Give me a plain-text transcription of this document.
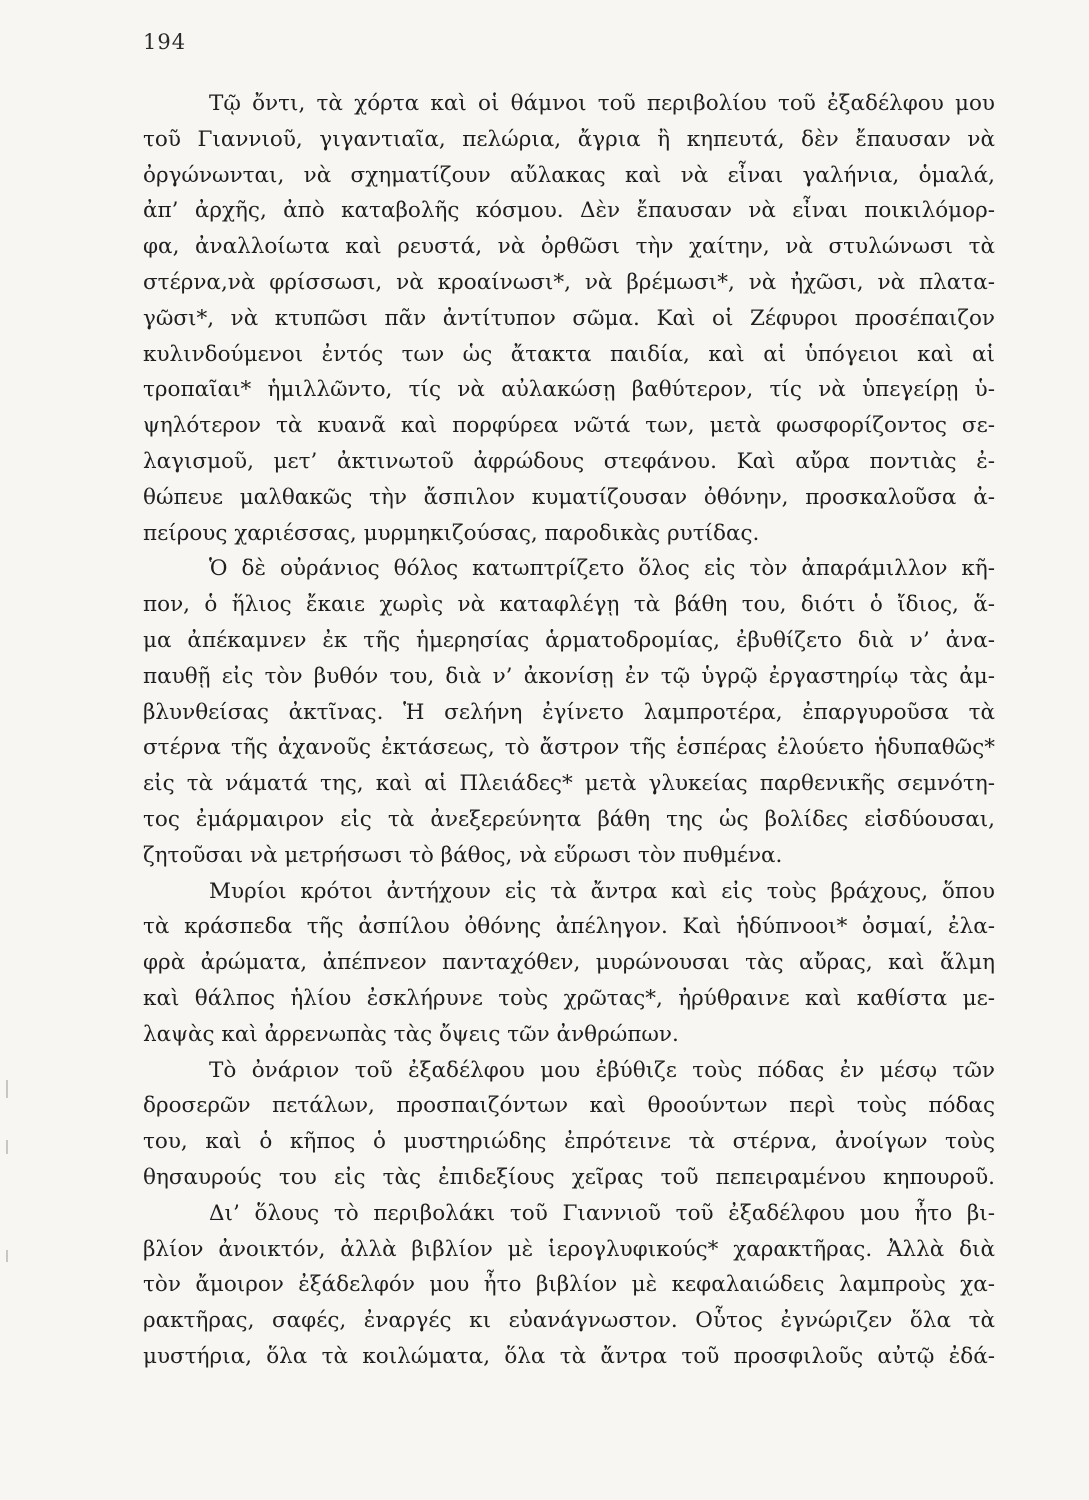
194
Τῷ ὄντι, τὰ χόρτα καὶ οἱ θάμνοι τοῦ περιβολίου τοῦ ἐξαδέλφου μου
τοῦ Γιαννιοῦ, γιγαντιαῖα, πελώρια, ἄγρια ἢ κηπευτά, δὲν ἔπαυσαν νὰ
ὀργώνωνται, νὰ σχηματίζουν αὔλακας καὶ νὰ εἶναι γαλήνια, ὁμαλά,
ἀπ’ ἀρχῆς, ἀπὸ καταβολῆς κόσμου. Δὲν ἔπαυσαν νὰ εἶναι ποικιλόμορ-
φα, ἀναλλοίωτα καὶ ρευστά, νὰ ὀρθῶσι τὴν χαίτην, νὰ στυλώνωσι τὰ
στέρνα,νὰ φρίσσωσι, νὰ κροαίνωσι*, νὰ βρέμωσι*, νὰ ἠχῶσι, νὰ πλατα-
γῶσι*, νὰ κτυπῶσι πᾶν ἀντίτυπον σῶμα. Καὶ οἱ Ζέφυροι προσέπαιζον
κυλινδούμενοι ἐντός των ὡς ἄτακτα παιδία, καὶ αἱ ὑπόγειοι καὶ αἱ
τροπαῖαι* ἡμιλλῶντο, τίς νὰ αὐλακώσῃ βαθύτερον, τίς νὰ ὑπεγείρῃ ὑ-
ψηλότερον τὰ κυανᾶ καὶ πορφύρεα νῶτά των, μετὰ φωσφορίζοντος σε-
λαγισμοῦ, μετ’ ἀκτινωτοῦ ἀφρώδους στεφάνου. Καὶ αὔρα ποντιὰς ἐ-
θώπευε μαλθακῶς τὴν ἄσπιλον κυματίζουσαν ὀθόνην, προσκαλοῦσα ἀ-
πείρους χαριέσσας, μυρμηκιζούσας, παροδικὰς ρυτίδας.
Ὁ δὲ οὐράνιος θόλος κατωπτρίζετο ὅλος εἰς τὸν ἀπαράμιλλον κῆ-
πον, ὁ ἥλιος ἔκαιε χωρὶς νὰ καταφλέγῃ τὰ βάθη του, διότι ὁ ἴδιος, ἅ-
μα ἀπέκαμνεν ἐκ τῆς ἡμερησίας ἁρματοδρομίας, ἐβυθίζετο διὰ ν’ ἀνα-
παυθῇ εἰς τὸν βυθόν του, διὰ ν’ ἀκονίσῃ ἐν τῷ ὑγρῷ ἐργαστηρίῳ τὰς ἀμ-
βλυνθείσας ἀκτῖνας. Ἡ σελήνη ἐγίνετο λαμπροτέρα, ἐπαργυροῦσα τὰ
στέρνα τῆς ἀχανοῦς ἐκτάσεως, τὸ ἄστρον τῆς ἑσπέρας ἐλούετο ἡδυπαθῶς*
εἰς τὰ νάματά της, καὶ αἱ Πλειάδες* μετὰ γλυκείας παρθενικῆς σεμνότη-
τος ἐμάρμαιρον εἰς τὰ ἀνεξερεύνητα βάθη της ὡς βολίδες εἰσδύουσαι,
ζητοῦσαι νὰ μετρήσωσι τὸ βάθος, νὰ εὕρωσι τὸν πυθμένα.
Μυρίοι κρότοι ἀντήχουν εἰς τὰ ἄντρα καὶ εἰς τοὺς βράχους, ὅπου
τὰ κράσπεδα τῆς ἀσπίλου ὀθόνης ἀπέληγον. Καὶ ἡδύπνοοι* ὀσμαί, ἐλα-
φρὰ ἀρώματα, ἀπέπνεον πανταχόθεν, μυρώνουσαι τὰς αὔρας, καὶ ἅλμη
καὶ θάλπος ἡλίου ἐσκλήρυνε τοὺς χρῶτας*, ἠρύθραινε καὶ καθίστα με-
λαψὰς καὶ ἀρρενωπὰς τὰς ὄψεις τῶν ἀνθρώπων.
Τὸ ὀνάριον τοῦ ἐξαδέλφου μου ἐβύθιζε τοὺς πόδας ἐν μέσῳ τῶν
δροσερῶν πετάλων, προσπαιζόντων καὶ θροούντων περὶ τοὺς πόδας
του, καὶ ὁ κῆπος ὁ μυστηριώδης ἐπρότεινε τὰ στέρνα, ἀνοίγων τοὺς
θησαυρούς του εἰς τὰς ἐπιδεξίους χεῖρας τοῦ πεπειραμένου κηπουροῦ.
Δι’ ὅλους τὸ περιβολάκι τοῦ Γιαννιοῦ τοῦ ἐξαδέλφου μου ἦτο βι-
βλίον ἀνοικτόν, ἀλλὰ βιβλίον μὲ ἱερογλυφικούς* χαρακτῆρας. Ἀλλὰ διὰ
τὸν ἄμοιρον ἐξάδελφόν μου ἦτο βιβλίον μὲ κεφαλαιώδεις λαμπροὺς χα-
ρακτῆρας, σαφές, ἐναργές κι εὐανάγνωστον. Οὗτος ἐγνώριζεν ὅλα τὰ
μυστήρια, ὅλα τὰ κοιλώματα, ὅλα τὰ ἄντρα τοῦ προσφιλοῦς αὐτῷ ἐδά-
